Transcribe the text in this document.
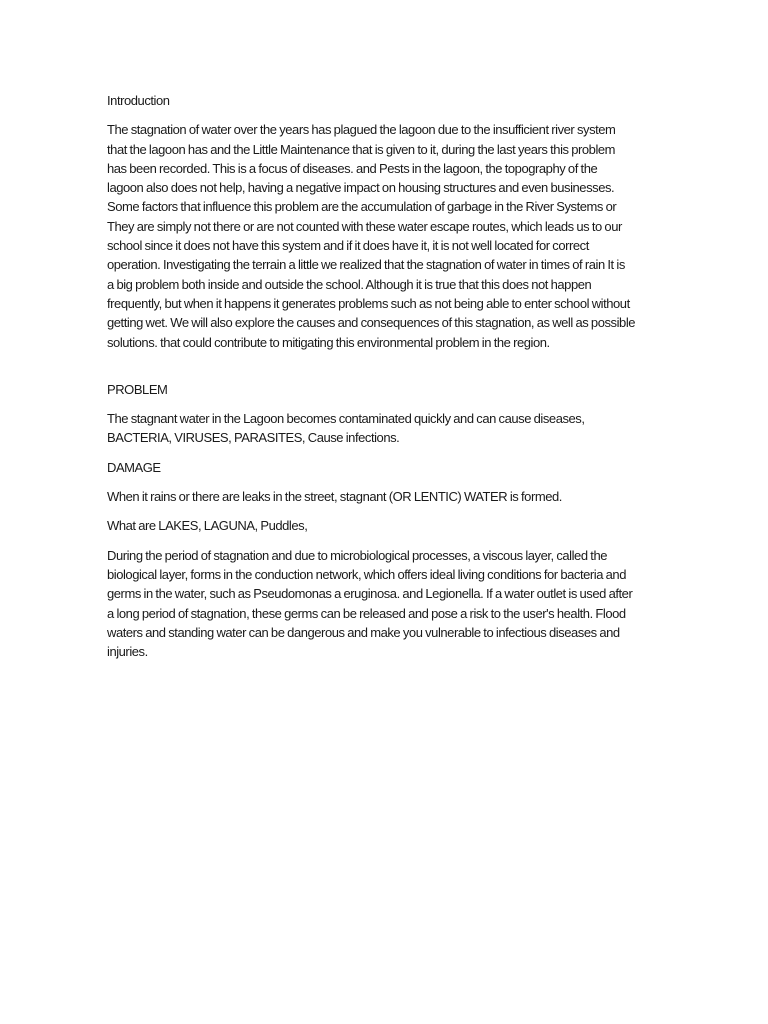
Introduction

The stagnation of water over the years has plagued the lagoon due to the insufficient river system
that the lagoon has and the Little Maintenance that is given to it, during the last years this problem
has been recorded. This is a focus of diseases. and Pests in the lagoon, the topography of the
lagoon also does not help, having a negative impact on housing structures and even businesses.
Some factors that influence this problem are the accumulation of garbage in the River Systems or
They are simply not there or are not counted with these water escape routes, which leads us to our
school since it does not have this system and if it does have it, it is not well located for correct
operation. Investigating the terrain a little we realized that the stagnation of water in times of rain It is
a big problem both inside and outside the school. Although it is true that this does not happen
frequently, but when it happens it generates problems such as not being able to enter school without
getting wet. We will also explore the causes and consequences of this stagnation, as well as possible
solutions. that could contribute to mitigating this environmental problem in the region.

PROBLEM

The stagnant water in the Lagoon becomes contaminated quickly and can cause diseases,
BACTERIA, VIRUSES, PARASITES, Cause infections.

DAMAGE

When it rains or there are leaks in the street, stagnant (OR LENTIC) WATER is formed.

What are LAKES, LAGUNA, Puddles,

During the period of stagnation and due to microbiological processes, a viscous layer, called the
biological layer, forms in the conduction network, which offers ideal living conditions for bacteria and
germs in the water, such as Pseudomonas a eruginosa. and Legionella. If a water outlet is used after
a long period of stagnation, these germs can be released and pose a risk to the user's health. Flood
waters and standing water can be dangerous and make you vulnerable to infectious diseases and
injuries.
